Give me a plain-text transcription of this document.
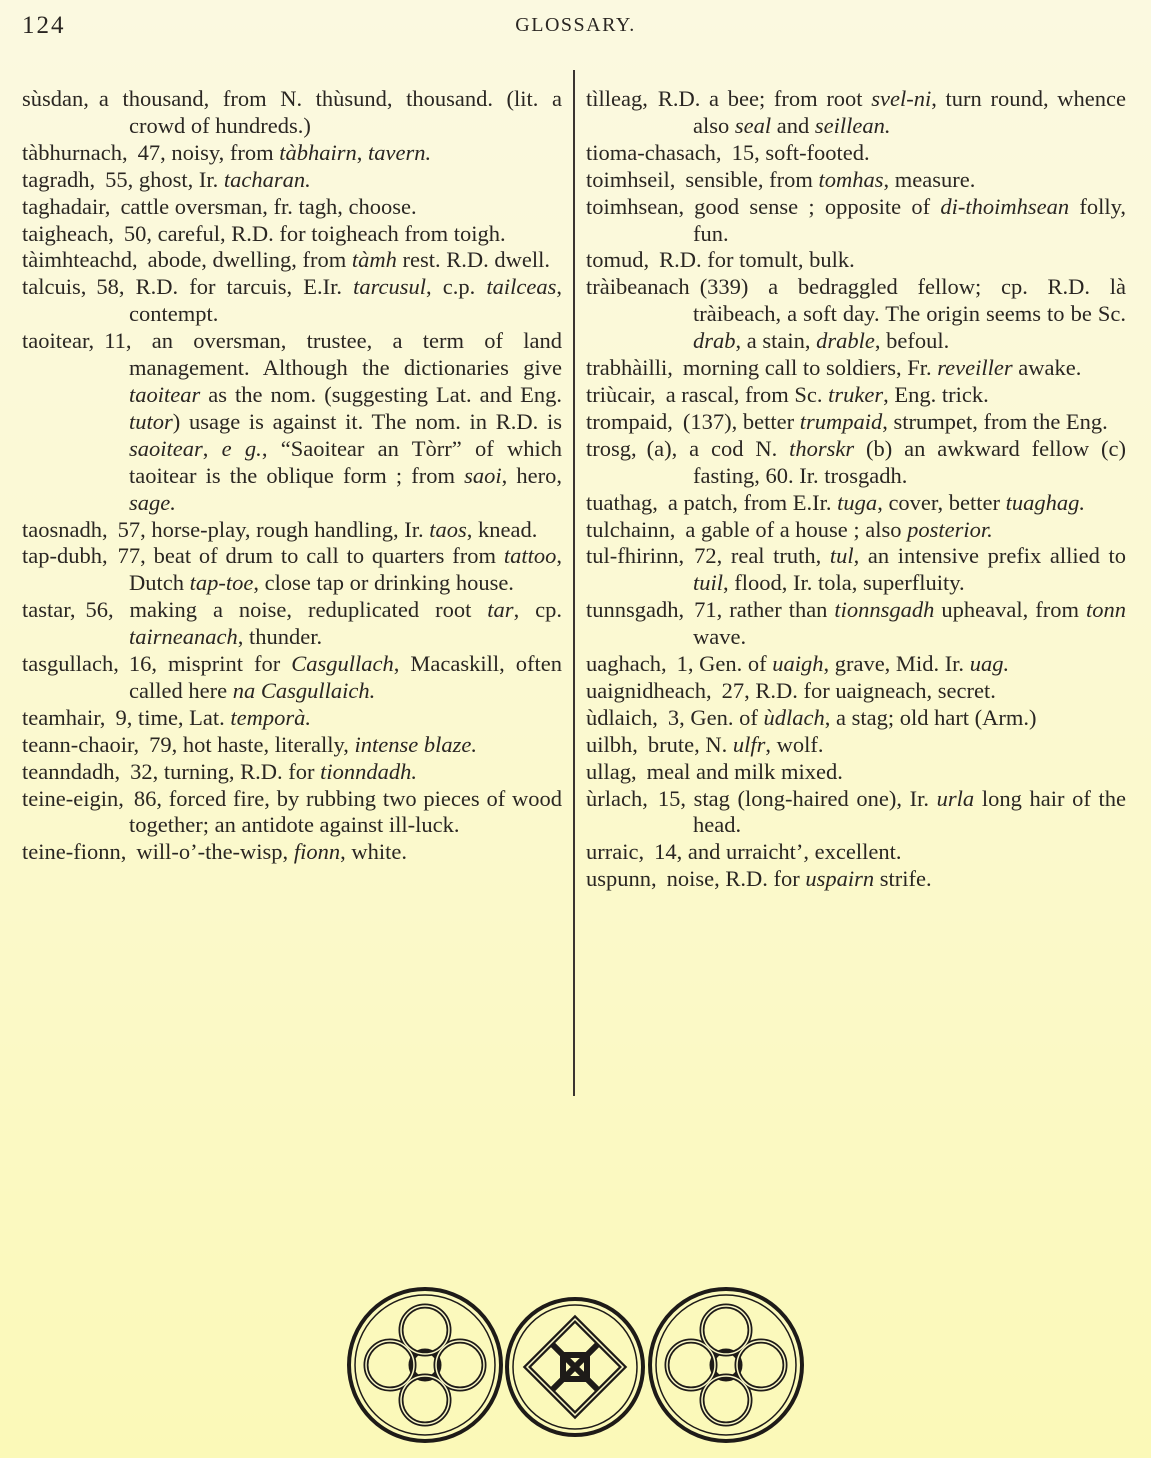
124	GLOSSARY.
sùsdan, a thousand, from N. thùsund, thousand. (lit. a crowd of hundreds.)
tàbhurnach, 47, noisy, from tàbhairn, tavern.
tagradh, 55, ghost, Ir. tacharan.
taghadair, cattle oversman, fr. tagh, choose.
taigheach, 50, careful, R.D. for toigheach from toigh.
tàimhteachd, abode, dwelling, from tàmh rest. R.D. dwell.
talcuis, 58, R.D. for tarcuis, E.Ir. tarcusul, c.p. tailceas, contempt.
taoitear, 11, an oversman, trustee, a term of land management. Although the dictionaries give taoitear as the nom. (suggesting Lat. and Eng. tutor) usage is against it. The nom. in R.D. is saoitear, e g., “Saoitear an Tòrr” of which taoitear is the oblique form ; from saoi, hero, sage.
taosnadh, 57, horse-play, rough handling, Ir. taos, knead.
tap-dubh, 77, beat of drum to call to quarters from tattoo, Dutch tap-toe, close tap or drinking house.
tastar, 56, making a noise, reduplicated root tar, cp. tairneanach, thunder.
tasgullach, 16, misprint for Casgullach, Macaskill, often called here na Casgullaich.
teamhair, 9, time, Lat. temporà.
teann-chaoir, 79, hot haste, literally, intense blaze.
teanndadh, 32, turning, R.D. for tionndadh.
teine-eigin, 86, forced fire, by rubbing two pieces of wood together; an antidote against ill-luck.
teine-fionn, will-o’-the-wisp, fionn, white.
tìlleag, R.D. a bee; from root svel-ni, turn round, whence also seal and seillean.
tioma-chasach, 15, soft-footed.
toimhseil, sensible, from tomhas, measure.
toimhsean, good sense ; opposite of di-thoimhsean folly, fun.
tomud, R.D. for tomult, bulk.
tràibeanach (339) a bedraggled fellow; cp. R.D. là tràibeach, a soft day. The origin seems to be Sc. drab, a stain, drable, befoul.
trabhàilli, morning call to soldiers, Fr. reveiller awake.
triùcair, a rascal, from Sc. truker, Eng. trick.
trompaid, (137), better trumpaid, strumpet, from the Eng.
trosg, (a), a cod N. thorskr (b) an awkward fellow (c) fasting, 60. Ir. trosgadh.
tuathag, a patch, from E.Ir. tuga, cover, better tuaghag.
tulchainn, a gable of a house ; also posterior.
tul-fhirinn, 72, real truth, tul, an intensive prefix allied to tuil, flood, Ir. tola, superfluity.
tunnsgadh, 71, rather than tionnsgadh upheaval, from tonn wave.
uaghach, 1, Gen. of uaigh, grave, Mid. Ir. uag.
uaignidheach, 27, R.D. for uaigneach, secret.
ùdlaich, 3, Gen. of ùdlach, a stag; old hart (Arm.)
uilbh, brute, N. ulfr, wolf.
ullag, meal and milk mixed.
ùrlach, 15, stag (long-haired one), Ir. urla long hair of the head.
urraic, 14, and urraicht’, excellent.
uspunn, noise, R.D. for uspairn strife.
